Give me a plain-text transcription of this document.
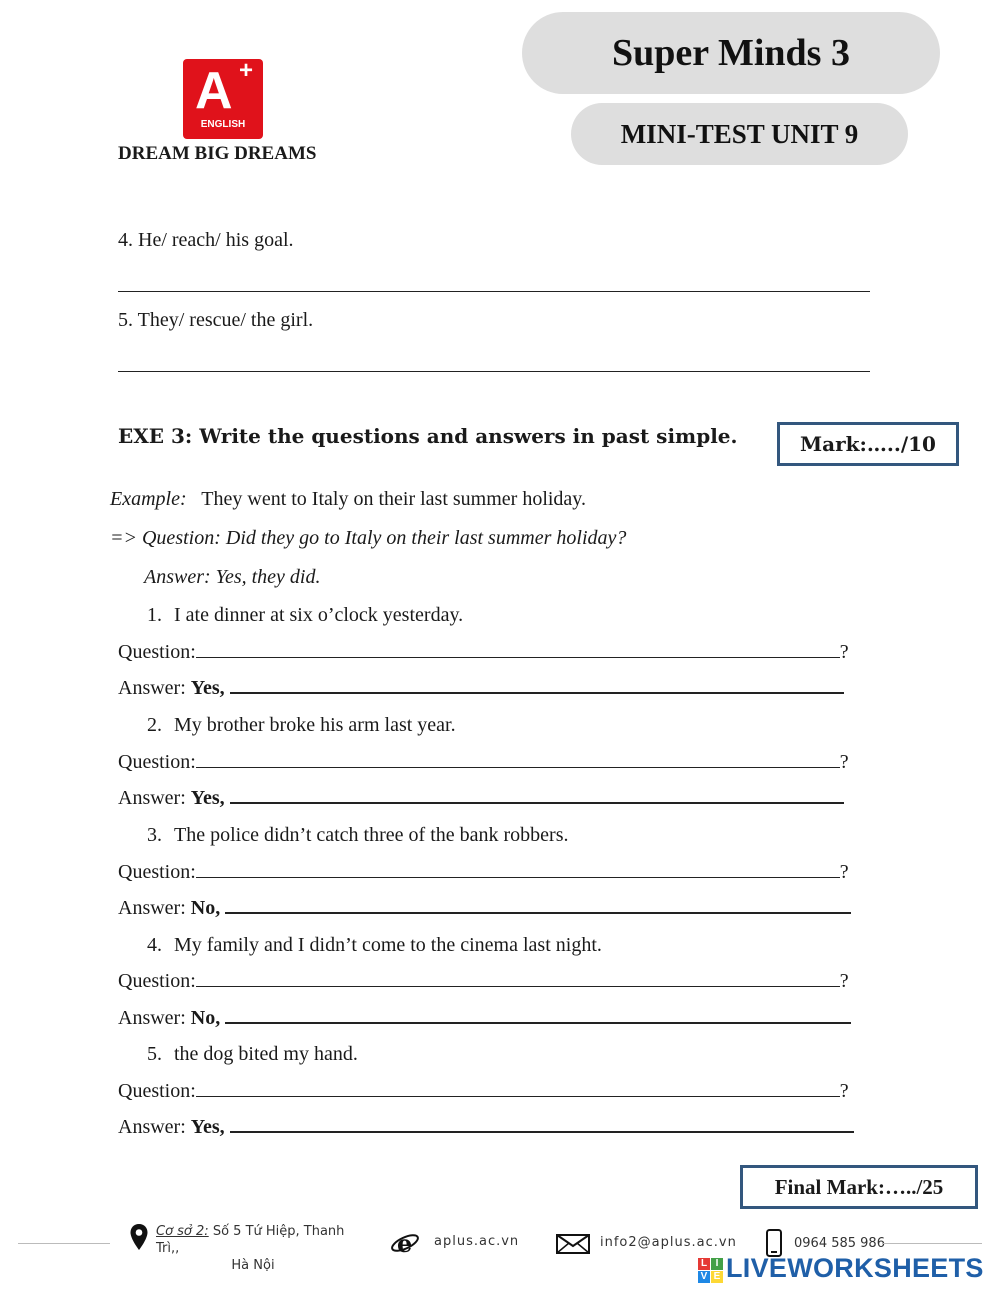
Super Minds 3
MINI-TEST UNIT 9
A +
ENGLISH
DREAM BIG DREAMS
4. He/ reach/ his goal.
5. They/ rescue/ the girl.
EXE 3: Write the questions and answers in past simple.	Mark:…../10
Example: They went to Italy on their last summer holiday.
=> Question: Did they go to Italy on their last summer holiday?
Answer: Yes, they did.
1. I ate dinner at six o’clock yesterday.
Question:	?
Answer: Yes,
2. My brother broke his arm last year.
Question:	?
Answer: Yes,
3. The police didn’t catch three of the bank robbers.
Question:	?
Answer: No,
4. My family and I didn’t come to the cinema last night.
Question:	?
Answer: No,
5. the dog bited my hand.
Question:	?
Answer: Yes,
Final Mark:…../25
Cơ sở 2: Số 5 Tứ Hiệp, Thanh Trì,,
Hà Nội
e aplus.ac.vn	info2@aplus.ac.vn	0964 585 986
L I
V E LIVEWORKSHEETS
